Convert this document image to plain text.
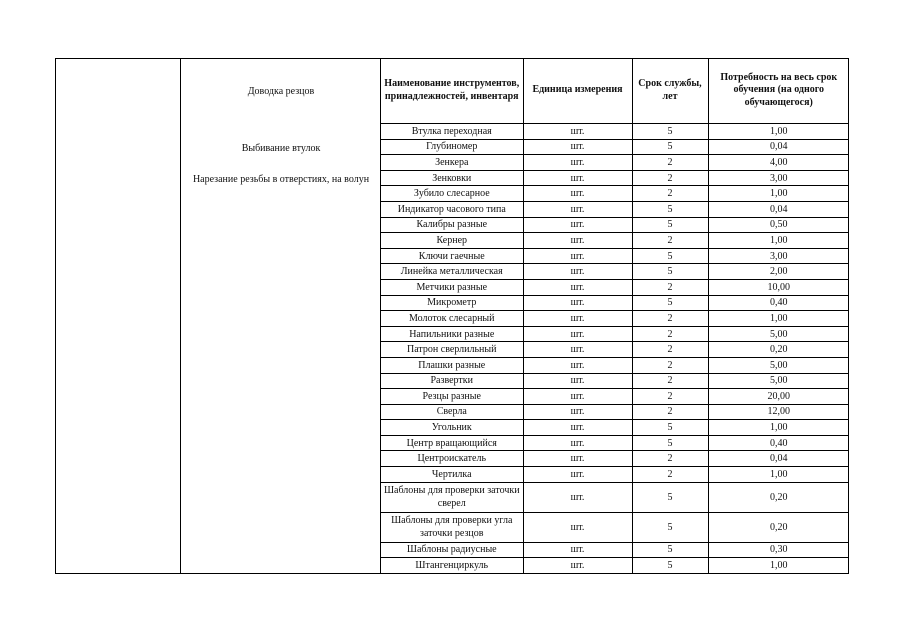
Доводка резцов
Выбивание втулок
Нарезание резьбы в отверстиях, на волун
Наименование инструментов, принадлежностей, инвентаря	Единица измерения	Срок службы, лет	Потребность на весь срок обучения (на одного обучающегося)
Втулка переходная	шт.	5	1,00
Глубиномер	шт.	5	0,04
Зенкера	шт.	2	4,00
Зенковки	шт.	2	3,00
Зубило слесарное	шт.	2	1,00
Индикатор часового типа	шт.	5	0,04
Калибры разные	шт.	5	0,50
Кернер	шт.	2	1,00
Ключи гаечные	шт.	5	3,00
Линейка металлическая	шт.	5	2,00
Метчики разные	шт.	2	10,00
Микрометр	шт.	5	0,40
Молоток слесарный	шт.	2	1,00
Напильники разные	шт.	2	5,00
Патрон сверлильный	шт.	2	0,20
Плашки разные	шт.	2	5,00
Развертки	шт.	2	5,00
Резцы разные	шт.	2	20,00
Сверла	шт.	2	12,00
Угольник	шт.	5	1,00
Центр вращающийся	шт.	5	0,40
Центроискатель	шт.	2	0,04
Чертилка	шт.	2	1,00
Шаблоны для проверки заточки сверел	шт.	5	0,20
Шаблоны для проверки угла заточки резцов	шт.	5	0,20
Шаблоны радиусные	шт.	5	0,30
Штангенциркуль	шт.	5	1,00
